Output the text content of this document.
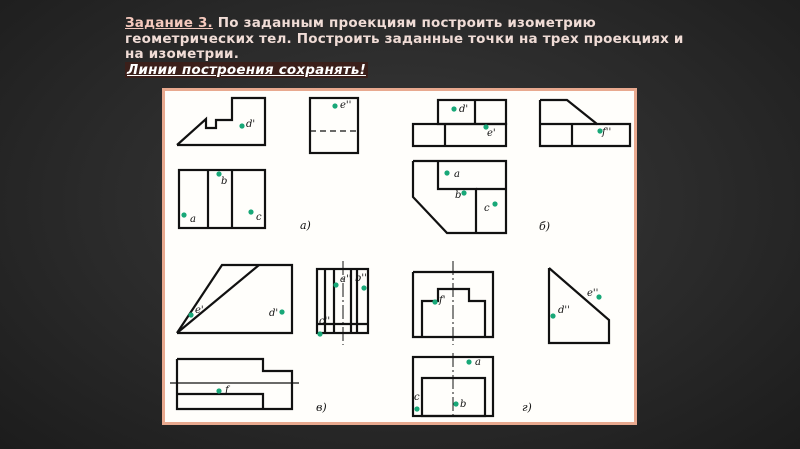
Задание 3. По заданным проекциям построить изометрию геометрических тел. Построить заданные точки на трех проекциях и на изометрии.
Линии построения сохранять!
d'
e''
b
a	c
а)
d'
e'	f''
a
b
c
б)
e'	d'
a'' b''
c''
f
в)
f'
e''
d''
a
b
c
г)
